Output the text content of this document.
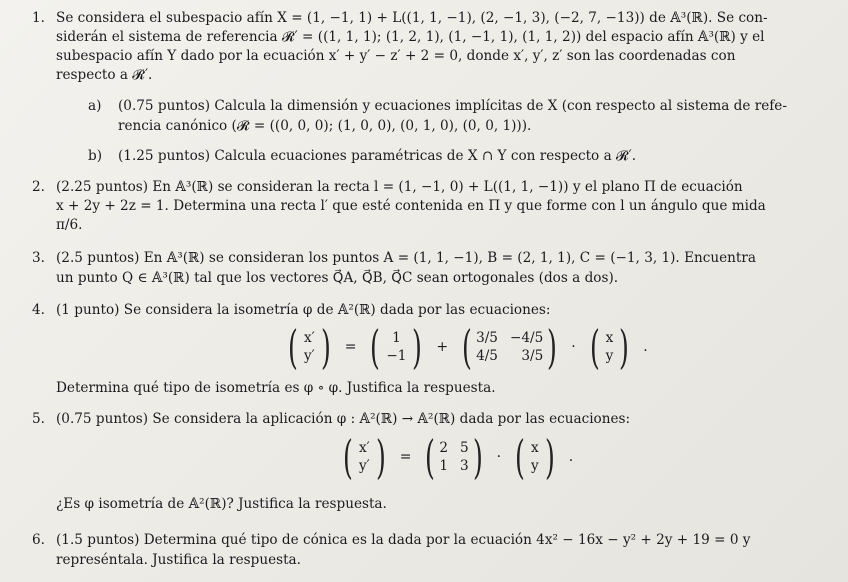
1. Se considera el subespacio afín X = (1, −1, 1) + L((1, 1, −1), (2, −1, 3), (−2, 7, −13)) de 𝔸³(ℝ). Se con-
siderán el sistema de referencia 𝓡′ = ((1, 1, 1); (1, 2, 1), (1, −1, 1), (1, 1, 2)) del espacio afín 𝔸³(ℝ) y el
subespacio afín Y dado por la ecuación x′ + y′ − z′ + 2 = 0, donde x′, y′, z′ son las coordenadas con
respecto a 𝓡′.
a) (0.75 puntos) Calcula la dimensión y ecuaciones implícitas de X (con respecto al sistema de refe-
rencia canónico (𝓡 = ((0, 0, 0); (1, 0, 0), (0, 1, 0), (0, 0, 1))).
b) (1.25 puntos) Calcula ecuaciones paramétricas de X ∩ Y con respecto a 𝓡′.
2. (2.25 puntos) En 𝔸³(ℝ) se consideran la recta l = (1, −1, 0) + L((1, 1, −1)) y el plano Π de ecuación
x + 2y + 2z = 1. Determina una recta l′ que esté contenida en Π y que forme con l un ángulo que mida
π/6.
3. (2.5 puntos) En 𝔸³(ℝ) se consideran los puntos A = (1, 1, −1), B = (2, 1, 1), C = (−1, 3, 1). Encuentra
un punto Q ∈ 𝔸³(ℝ) tal que los vectores Q⃗A, Q⃗B, Q⃗C sean ortogonales (dos a dos).
4. (1 punto) Se considera la isometría φ de 𝔸²(ℝ) dada por las ecuaciones:
( x′
y′ ) = ( 1
−1 ) + ( 3/5 −4/5
4/5	3/5 ) · ( x
y ) .
Determina qué tipo de isometría es φ ∘ φ. Justifica la respuesta.
5. (0.75 puntos) Se considera la aplicación φ : 𝔸²(ℝ) → 𝔸²(ℝ) dada por las ecuaciones:
( x′
y′ ) = ( 2 5
1 3 ) · ( x
y ) .
¿Es φ isometría de 𝔸²(ℝ)? Justifica la respuesta.
6. (1.5 puntos) Determina qué tipo de cónica es la dada por la ecuación 4x² − 16x − y² + 2y + 19 = 0 y
represéntala. Justifica la respuesta.
